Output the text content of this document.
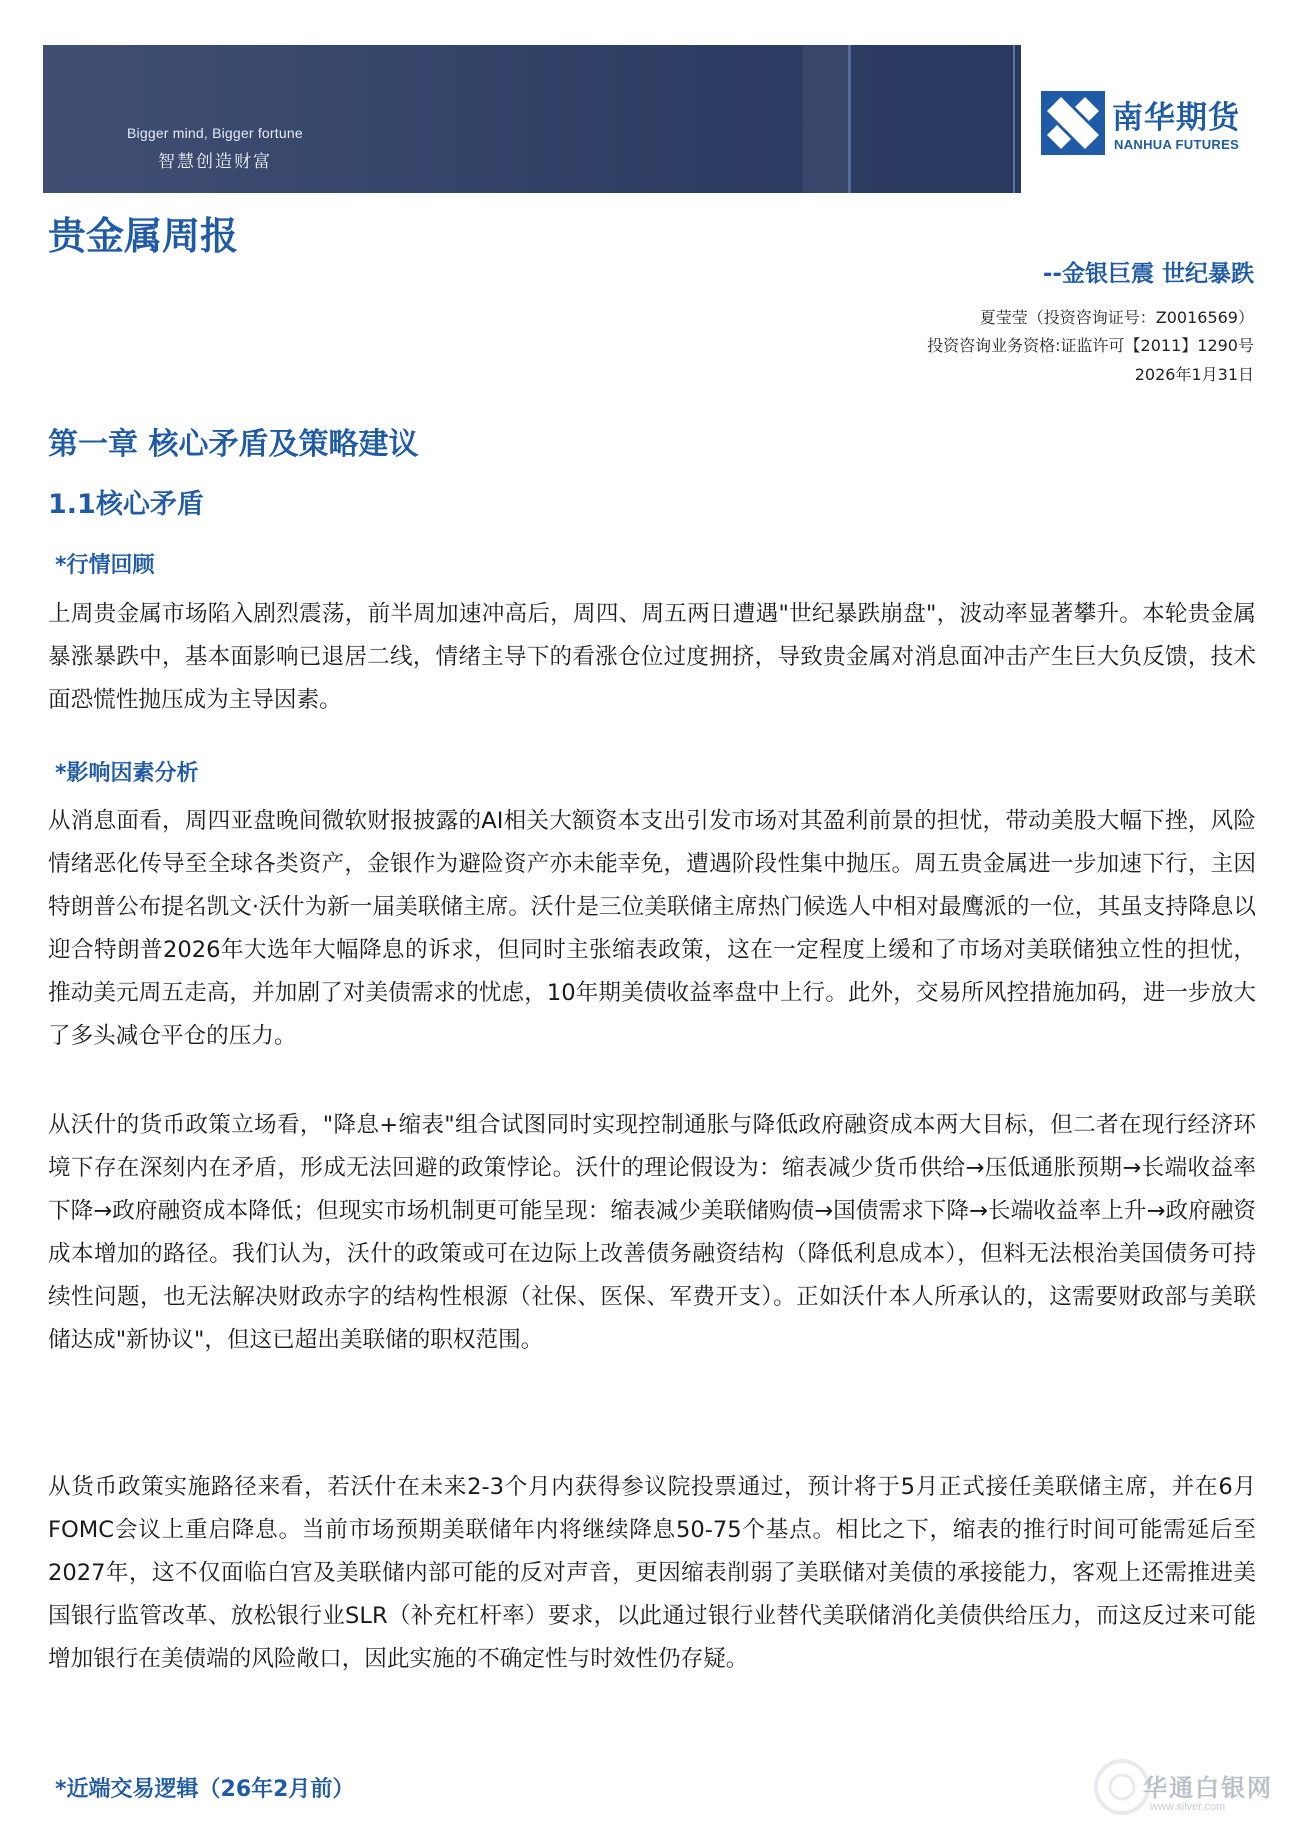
Bigger mind, Bigger fortune
智慧创造财富
南华期货
NANHUA FUTURES
贵金属周报
--金银巨震 世纪暴跌
夏莹莹（投资咨询证号：Z0016569）
投资咨询业务资格:证监许可【2011】1290号
2026年1月31日
第一章 核心矛盾及策略建议
1.1核心矛盾
*行情回顾
上周贵金属市场陷入剧烈震荡，前半周加速冲高后，周四、周五两日遭遇"世纪暴跌崩盘"，波动率显著攀升。本轮贵金属暴涨暴跌中，基本面影响已退居二线，情绪主导下的看涨仓位过度拥挤，导致贵金属对消息面冲击产生巨大负反馈，技术面恐慌性抛压成为主导因素。
*影响因素分析
从消息面看，周四亚盘晚间微软财报披露的AI相关大额资本支出引发市场对其盈利前景的担忧，带动美股大幅下挫，风险情绪恶化传导至全球各类资产，金银作为避险资产亦未能幸免，遭遇阶段性集中抛压。周五贵金属进一步加速下行，主因特朗普公布提名凯文·沃什为新一届美联储主席。沃什是三位美联储主席热门候选人中相对最鹰派的一位，其虽支持降息以迎合特朗普2026年大选年大幅降息的诉求，但同时主张缩表政策，这在一定程度上缓和了市场对美联储独立性的担忧，推动美元周五走高，并加剧了对美债需求的忧虑，10年期美债收益率盘中上行。此外，交易所风控措施加码，进一步放大了多头减仓平仓的压力。
从沃什的货币政策立场看，"降息+缩表"组合试图同时实现控制通胀与降低政府融资成本两大目标，但二者在现行经济环境下存在深刻内在矛盾，形成无法回避的政策悖论。沃什的理论假设为：缩表减少货币供给→压低通胀预期→长端收益率下降→政府融资成本降低；但现实市场机制更可能呈现：缩表减少美联储购债→国债需求下降→长端收益率上升→政府融资成本增加的路径。我们认为，沃什的政策或可在边际上改善债务融资结构（降低利息成本），但料无法根治美国债务可持续性问题，也无法解决财政赤字的结构性根源（社保、医保、军费开支）。正如沃什本人所承认的，这需要财政部与美联储达成"新协议"，但这已超出美联储的职权范围。
从货币政策实施路径来看，若沃什在未来2-3个月内获得参议院投票通过，预计将于5月正式接任美联储主席，并在6月FOMC会议上重启降息。当前市场预期美联储年内将继续降息50-75个基点。相比之下，缩表的推行时间可能需延后至2027年，这不仅面临白宫及美联储内部可能的反对声音，更因缩表削弱了美联储对美债的承接能力，客观上还需推进美国银行监管改革、放松银行业SLR（补充杠杆率）要求，以此通过银行业替代美联储消化美债供给压力，而这反过来可能增加银行在美债端的风险敞口，因此实施的不确定性与时效性仍存疑。
*近端交易逻辑（26年2月前）	华通白银网
www.silver.com
